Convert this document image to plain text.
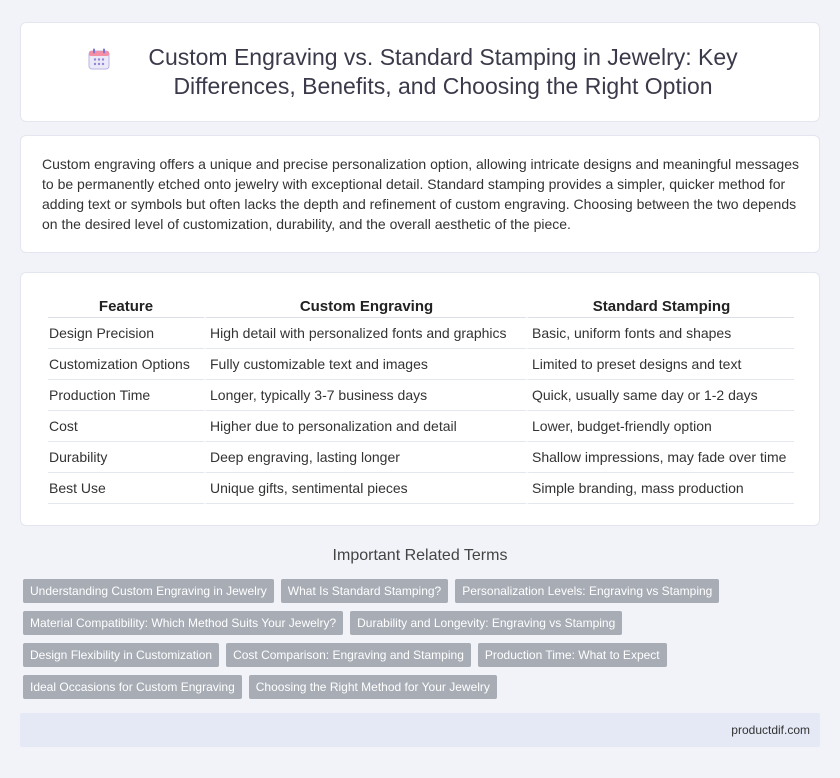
Custom Engraving vs. Standard Stamping in Jewelry: Key Differences, Benefits, and Choosing the Right Option

Custom engraving offers a unique and precise personalization option, allowing intricate designs and meaningful messages to be permanently etched onto jewelry with exceptional detail. Standard stamping provides a simpler, quicker method for adding text or symbols but often lacks the depth and refinement of custom engraving. Choosing between the two depends on the desired level of customization, durability, and the overall aesthetic of the piece.

Feature	Custom Engraving	Standard Stamping
Design Precision	High detail with personalized fonts and graphics	Basic, uniform fonts and shapes
Customization Options	Fully customizable text and images	Limited to preset designs and text
Production Time	Longer, typically 3-7 business days	Quick, usually same day or 1-2 days
Cost	Higher due to personalization and detail	Lower, budget-friendly option
Durability	Deep engraving, lasting longer	Shallow impressions, may fade over time
Best Use	Unique gifts, sentimental pieces	Simple branding, mass production
Important Related Terms
Understanding Custom Engraving in Jewelry	What Is Standard Stamping?	Personalization Levels: Engraving vs Stamping
Material Compatibility: Which Method Suits Your Jewelry?	Durability and Longevity: Engraving vs Stamping
Design Flexibility in Customization	Cost Comparison: Engraving and Stamping	Production Time: What to Expect
Ideal Occasions for Custom Engraving	Choosing the Right Method for Your Jewelry
productdif.com
